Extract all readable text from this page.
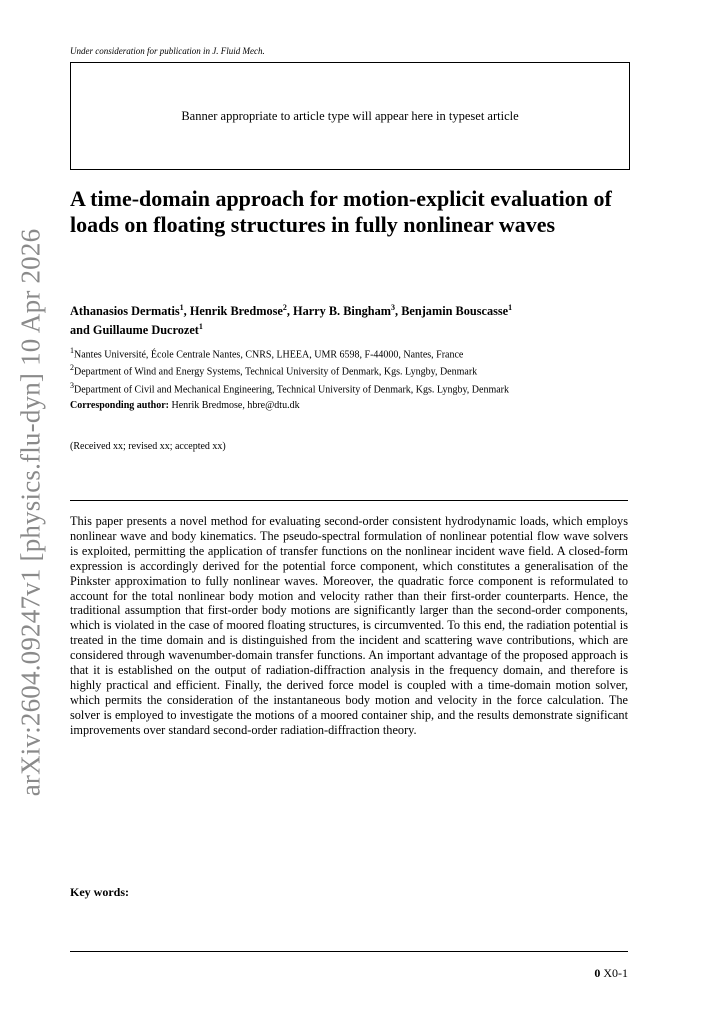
Under consideration for publication in J. Fluid Mech.
Banner appropriate to article type will appear here in typeset article
arXiv:2604.09247v1 [physics.flu-dyn] 10 Apr 2026
A time-domain approach for motion-explicit evaluation of loads on floating structures in fully nonlinear waves
Athanasios Dermatis$^1$, Henrik Bredmose$^2$, Harry B. Bingham$^3$, Benjamin Bouscasse$^1$
and Guillaume Ducrozet$^1$

$^1$Nantes Université, École Centrale Nantes, CNRS, LHEEA, UMR 6598, F-44000, Nantes, France

$^2$Department of Wind and Energy Systems, Technical University of Denmark, Kgs. Lyngby, Denmark

$^3$Department of Civil and Mechanical Engineering, Technical University of Denmark, Kgs. Lyngby, Denmark

Corresponding author: Henrik Bredmose, hbre@dtu.dk
(Received xx; revised xx; accepted xx)
This paper presents a novel method for evaluating second-order consistent hydrodynamic loads, which employs nonlinear wave and body kinematics. The pseudo-spectral formulation of nonlinear potential flow wave solvers is exploited, permitting the application of transfer functions on the nonlinear incident wave field. A closed-form expression is accordingly derived for the potential force component, which constitutes a generalisation of the Pinkster approximation to fully nonlinear waves. Moreover, the quadratic force component is reformulated to account for the total nonlinear body motion and velocity rather than their first-order counterparts. Hence, the traditional assumption that first-order body motions are significantly larger than the second-order components, which is violated in the case of moored floating structures, is circumvented. To this end, the radiation potential is treated in the time domain and is distinguished from the incident and scattering wave contributions, which are considered through wavenumber-domain transfer functions. An important advantage of the proposed approach is that it is established on the output of radiation-diffraction analysis in the frequency domain, and therefore is highly practical and efficient. Finally, the derived force model is coupled with a time-domain motion solver, which permits the consideration of the instantaneous body motion and velocity in the force calculation. The solver is employed to investigate the motions of a moored container ship, and the results demonstrate significant improvements over standard second-order radiation-diffraction theory.
Key words:
0 X0-1
